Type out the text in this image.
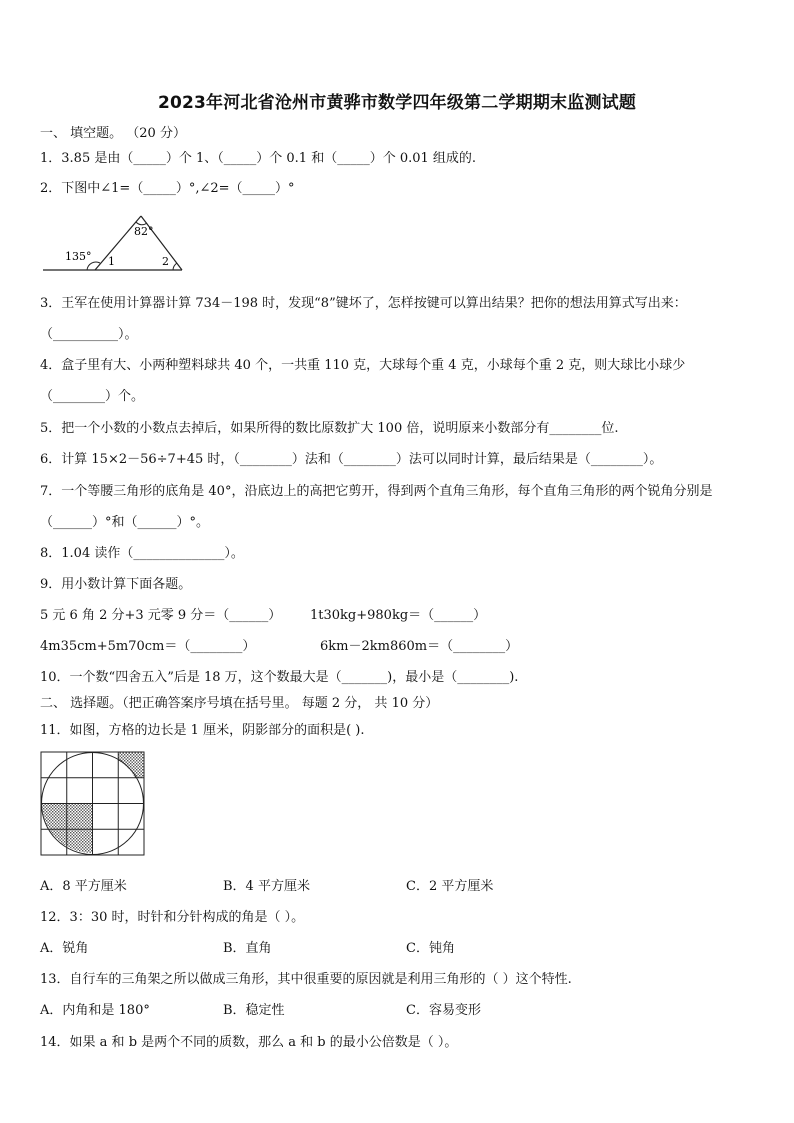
2023年河北省沧州市黄骅市数学四年级第二学期期末监测试题
一、 填空题。 （20 分）
1．3.85 是由（_____）个 1、（_____）个 0.1 和（_____）个 0.01 组成的.
2．下图中∠1=（_____）°,∠2=（_____）°
135°
82°
1	2
3．王军在使用计算器计算 734－198 时，发现“8”键坏了，怎样按键可以算出结果？把你的想法用算式写出来：
（__________）。
4．盒子里有大、小两种塑料球共 40 个，一共重 110 克，大球每个重 4 克，小球每个重 2 克，则大球比小球少
（________）个。
5．把一个小数的小数点去掉后，如果所得的数比原数扩大 100 倍，说明原来小数部分有________位.
6．计算 15×2－56÷7+45 时，（________）法和（________）法可以同时计算，最后结果是（________）。
7．一个等腰三角形的底角是 40°，沿底边上的高把它剪开，得到两个直角三角形，每个直角三角形的两个锐角分别是
（______）°和（______）°。
8．1.04 读作（______________）。
9．用小数计算下面各题。
5 元 6 角 2 分+3 元零 9 分＝（______） 1t30kg+980kg＝（______）
4m35cm+5m70cm＝（________）	6km－2km860m＝（________）
10．一个数“四舍五入”后是 18 万，这个数最大是（_______)，最小是（________).
二、 选择题。（把正确答案序号填在括号里。 每题 2 分， 共 10 分）
11．如图，方格的边长是 1 厘米，阴影部分的面积是( ).
A．8 平方厘米	B．4 平方厘米	C．2 平方厘米
12．3：30 时，时针和分针构成的角是（ ）。
A．锐角	B．直角	C．钝角
13．自行车的三角架之所以做成三角形，其中很重要的原因就是利用三角形的（ ）这个特性.
A．内角和是 180°	B．稳定性	C．容易变形
14．如果 a 和 b 是两个不同的质数，那么 a 和 b 的最小公倍数是（ ）。
